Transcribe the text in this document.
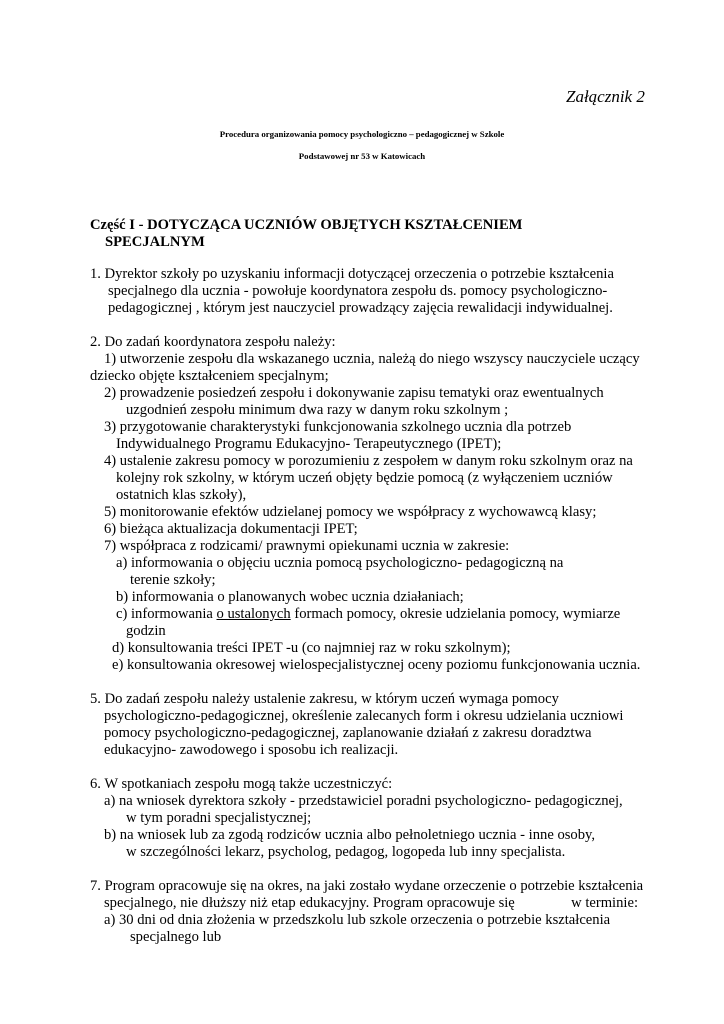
Załącznik 2
Procedura organizowania pomocy psychologiczno – pedagogicznej w Szkole
Podstawowej nr 53 w Katowicach
Część I - DOTYCZĄCA UCZNIÓW OBJĘTYCH KSZTAŁCENIEM
SPECJALNYM
1. Dyrektor szkoły po uzyskaniu informacji dotyczącej orzeczenia o potrzebie kształcenia
specjalnego dla ucznia - powołuje koordynatora zespołu ds. pomocy psychologiczno-
pedagogicznej , którym jest nauczyciel prowadzący zajęcia rewalidacji indywidualnej.
2. Do zadań koordynatora zespołu należy:
1) utworzenie zespołu dla wskazanego ucznia, należą do niego wszyscy nauczyciele uczący
dziecko objęte kształceniem specjalnym;
2) prowadzenie posiedzeń zespołu i dokonywanie zapisu tematyki oraz ewentualnych
uzgodnień zespołu minimum dwa razy w danym roku szkolnym ;
3) przygotowanie charakterystyki funkcjonowania szkolnego ucznia dla potrzeb
Indywidualnego Programu Edukacyjno- Terapeutycznego (IPET);
4) ustalenie zakresu pomocy w porozumieniu z zespołem w danym roku szkolnym oraz na
kolejny rok szkolny, w którym uczeń objęty będzie pomocą (z wyłączeniem uczniów
ostatnich klas szkoły),
5) monitorowanie efektów udzielanej pomocy we współpracy z wychowawcą klasy;
6) bieżąca aktualizacja dokumentacji IPET;
7) współpraca z rodzicami/ prawnymi opiekunami ucznia w zakresie:
a) informowania o objęciu ucznia pomocą psychologiczno- pedagogiczną na
terenie szkoły;
b) informowania o planowanych wobec ucznia działaniach;
c) informowania o ustalonych formach pomocy, okresie udzielania pomocy, wymiarze
godzin
d) konsultowania treści IPET -u (co najmniej raz w roku szkolnym);
e) konsultowania okresowej wielospecjalistycznej oceny poziomu funkcjonowania ucznia.
5. Do zadań zespołu należy ustalenie zakresu, w którym uczeń wymaga pomocy
psychologiczno-pedagogicznej, określenie zalecanych form i okresu udzielania uczniowi
pomocy psychologiczno-pedagogicznej, zaplanowanie działań z zakresu doradztwa
edukacyjno- zawodowego i sposobu ich realizacji.
6. W spotkaniach zespołu mogą także uczestniczyć:
a) na wniosek dyrektora szkoły - przedstawiciel poradni psychologiczno- pedagogicznej,
w tym poradni specjalistycznej;
b) na wniosek lub za zgodą rodziców ucznia albo pełnoletniego ucznia - inne osoby,
w szczególności lekarz, psycholog, pedagog, logopeda lub inny specjalista.
7. Program opracowuje się na okres, na jaki zostało wydane orzeczenie o potrzebie kształcenia
specjalnego, nie dłuższy niż etap edukacyjny. Program opracowuje się	w terminie:
a) 30 dni od dnia złożenia w przedszkolu lub szkole orzeczenia o potrzebie kształcenia
specjalnego lub
